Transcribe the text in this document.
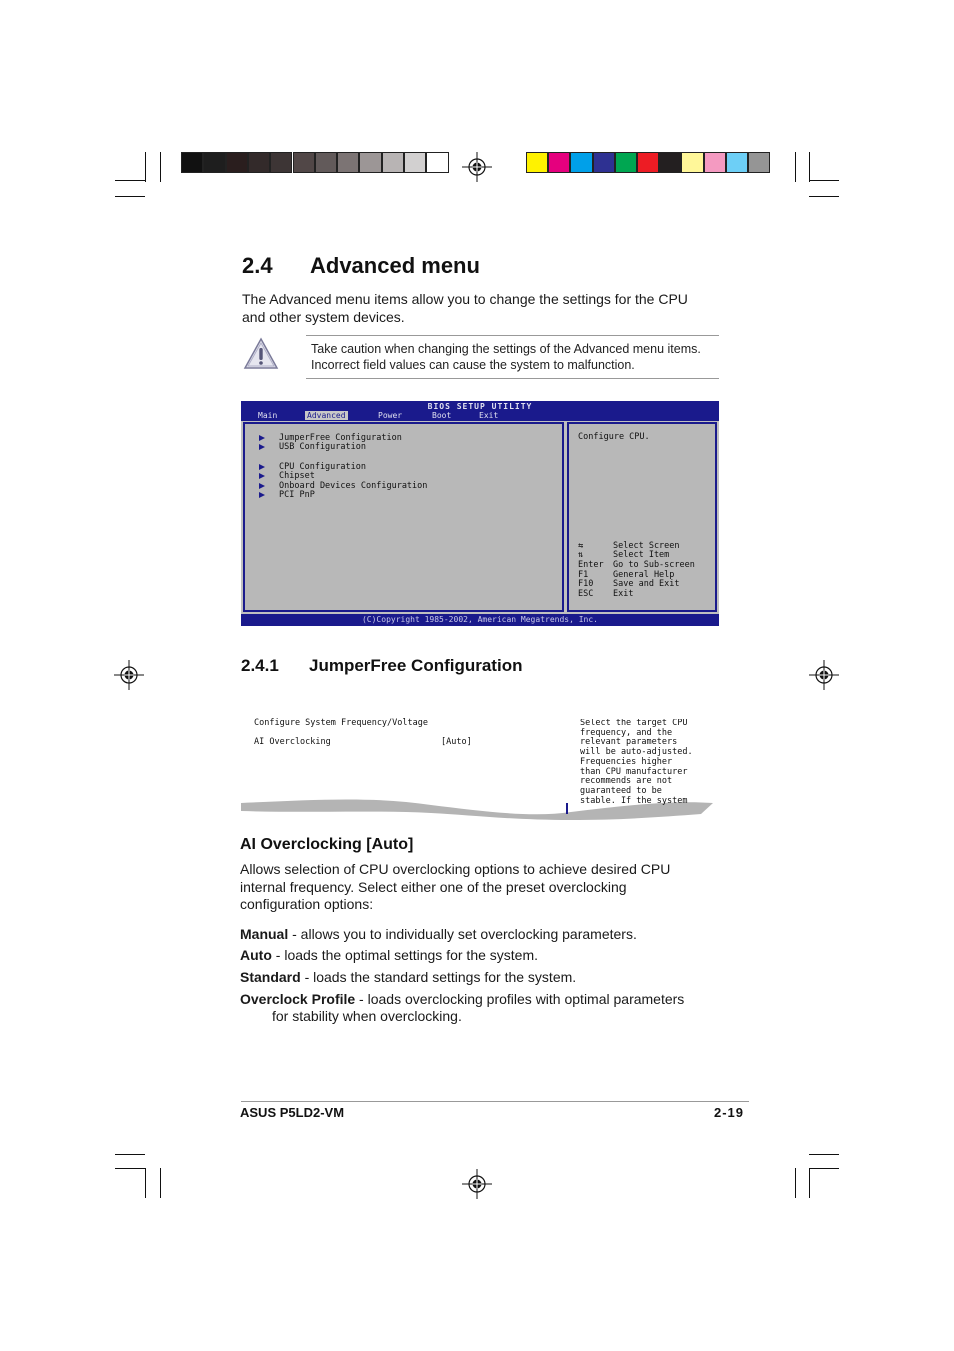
2.4 Advanced menu
The Advanced menu items allow you to change the settings for the CPU
and other system devices.
Take caution when changing the settings of the Advanced menu items.
Incorrect field values can cause the system to malfunction.
BIOS SETUP UTILITY
Main	Advanced	Power	Boot	Exit
JumperFree Configuration
USB Configuration
CPU Configuration
Chipset
Onboard Devices Configuration
PCI PnP
Configure CPU.
⇆	Select Screen
⇅	Select Item
Enter Go to Sub-screen
F1	General Help
F10 Save and Exit
ESC Exit
(C)Copyright 1985-2002, American Megatrends, Inc.
2.4.1 JumperFree Configuration
Configure System Frequency/Voltage
AI Overclocking	[Auto]
Select the target CPU
frequency, and the
relevant parameters
will be auto-adjusted.
Frequencies higher
than CPU manufacturer
recommends are not
guaranteed to be
stable. If the system
AI Overclocking [Auto]
Allows selection of CPU overclocking options to achieve desired CPU
internal frequency. Select either one of the preset overclocking
configuration options:
Manual - allows you to individually set overclocking parameters.
Auto - loads the optimal settings for the system.
Standard - loads the standard settings for the system.
Overclock Profile - loads overclocking profiles with optimal parameters
for stability when overclocking.
ASUS P5LD2-VM	2-19
